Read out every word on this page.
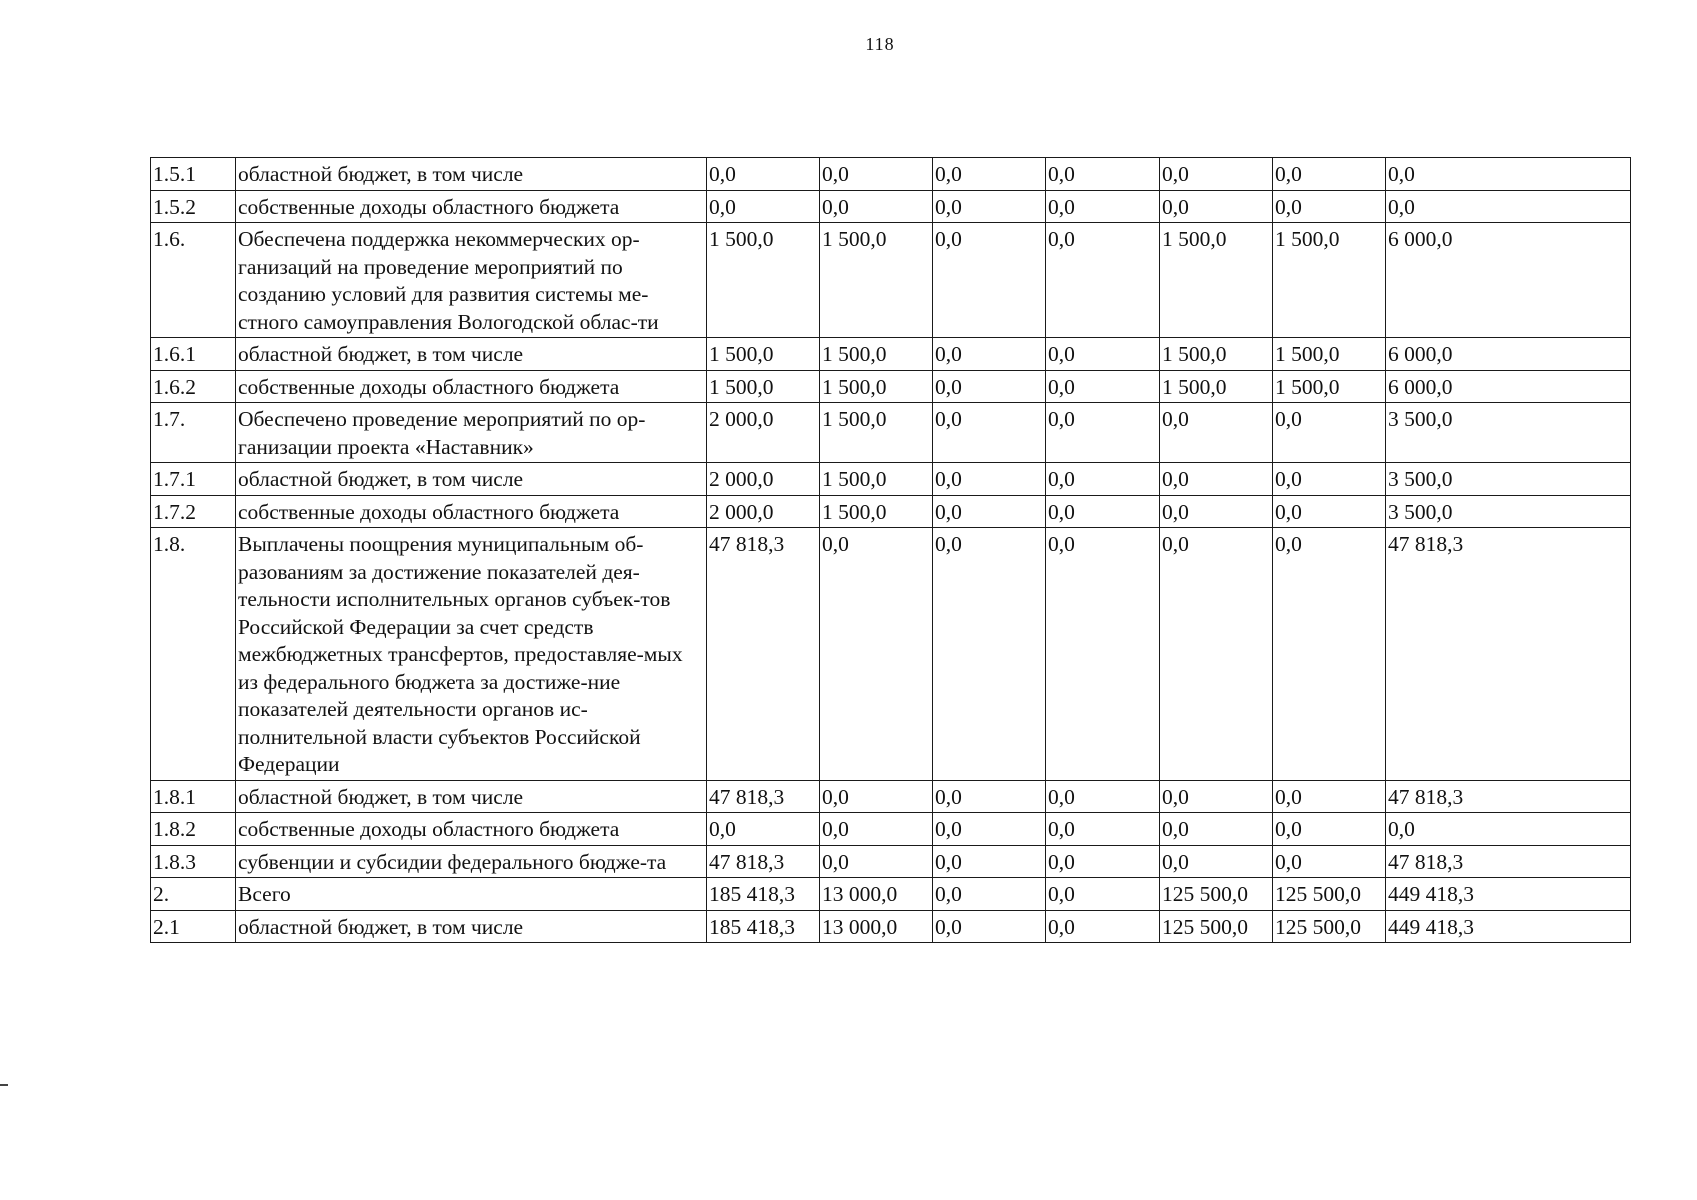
118
1.5.1	областной бюджет, в том числе	0,0	0,0	0,0	0,0	0,0	0,0	0,0
1.5.2	собственные доходы областного бюджета	0,0	0,0	0,0	0,0	0,0	0,0	0,0
1.6.	Обеспечена поддержка некоммерческих ор-ганизаций на проведение мероприятий по созданию условий для развития системы ме-стного самоуправления Вологодской облас-ти	1 500,0	1 500,0	0,0	0,0	1 500,0	1 500,0	6 000,0
1.6.1	областной бюджет, в том числе	1 500,0	1 500,0	0,0	0,0	1 500,0	1 500,0	6 000,0
1.6.2	собственные доходы областного бюджета	1 500,0	1 500,0	0,0	0,0	1 500,0	1 500,0	6 000,0
1.7.	Обеспечено проведение мероприятий по ор-ганизации проекта «Наставник»	2 000,0	1 500,0	0,0	0,0	0,0	0,0	3 500,0
1.7.1	областной бюджет, в том числе	2 000,0	1 500,0	0,0	0,0	0,0	0,0	3 500,0
1.7.2	собственные доходы областного бюджета	2 000,0	1 500,0	0,0	0,0	0,0	0,0	3 500,0
1.8.	Выплачены поощрения муниципальным об-разованиям за достижение показателей дея-тельности исполнительных органов субъек-тов Российской Федерации за счет средств межбюджетных трансфертов, предоставляе-мых из федерального бюджета за достиже-ние показателей деятельности органов ис-полнительной власти субъектов Российской Федерации	47 818,3	0,0	0,0	0,0	0,0	0,0	47 818,3
1.8.1	областной бюджет, в том числе	47 818,3	0,0	0,0	0,0	0,0	0,0	47 818,3
1.8.2	собственные доходы областного бюджета	0,0	0,0	0,0	0,0	0,0	0,0	0,0
1.8.3	субвенции и субсидии федерального бюдже-та	47 818,3	0,0	0,0	0,0	0,0	0,0	47 818,3
2.	Всего	185 418,3	13 000,0	0,0	0,0	125 500,0	125 500,0	449 418,3
2.1	областной бюджет, в том числе	185 418,3	13 000,0	0,0	0,0	125 500,0	125 500,0	449 418,3
